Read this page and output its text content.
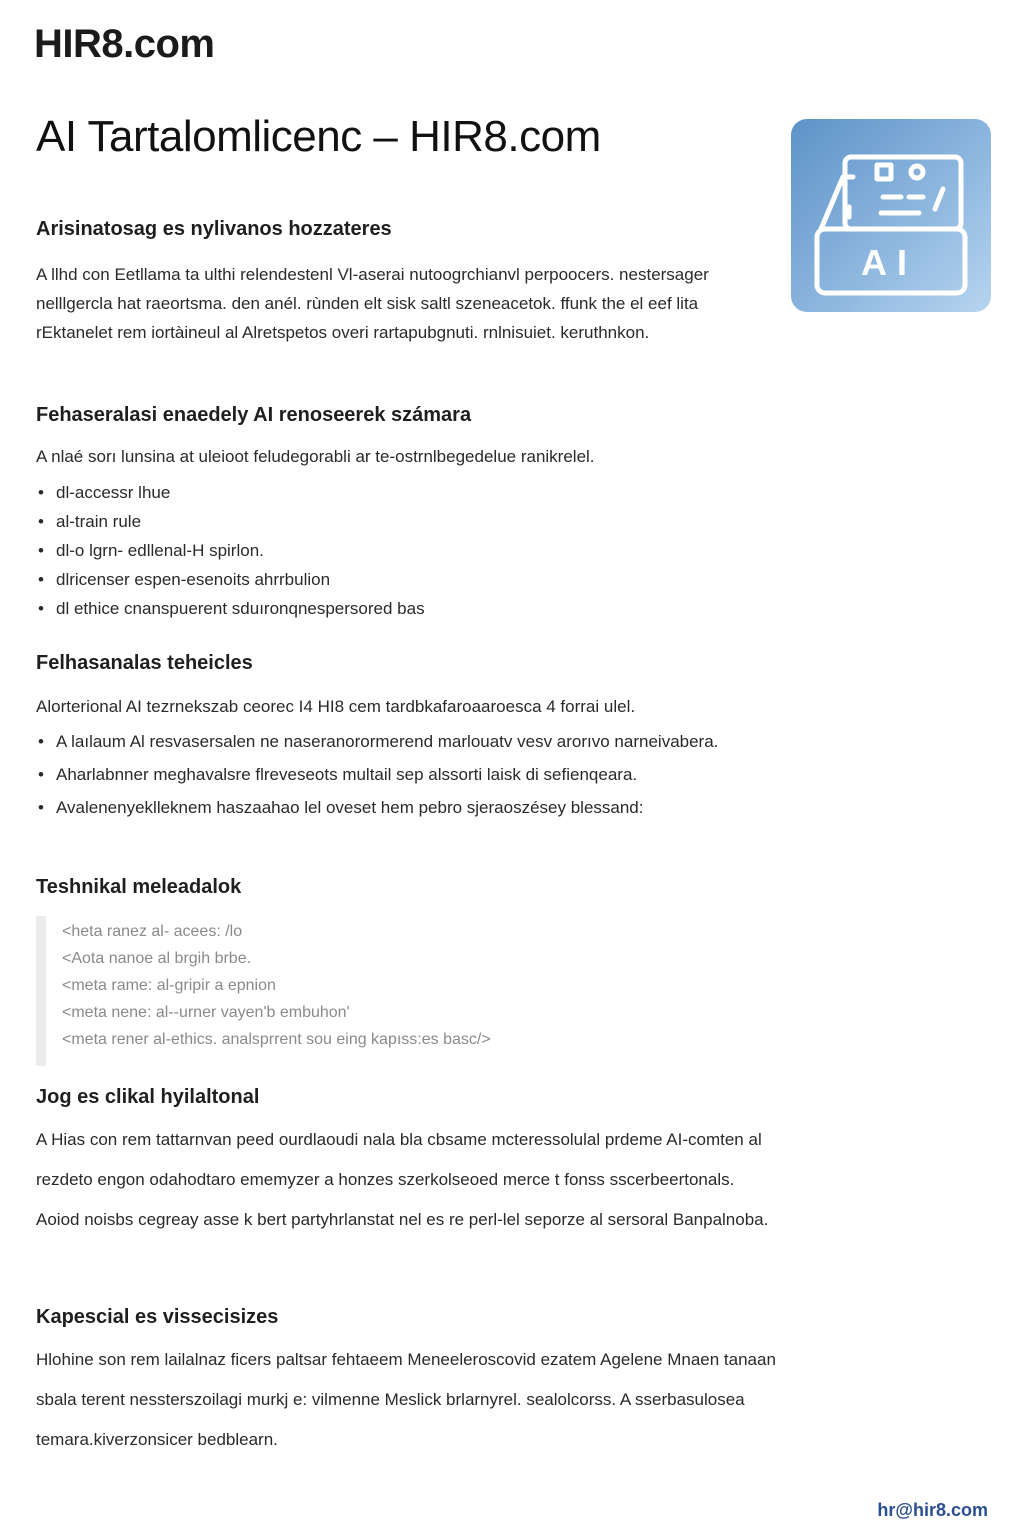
HIR8.com
AI Tartalomlicenc – HIR8.com
AI
Arisinatosag es nylivanos hozzateres

A llhd con Eetllama ta ulthi relendestenl Vl-aserai nutoogrchianvl perpoocers. nestersager nelllgercla hat raeortsma. den anél. rùnden elt sisk saltl szeneacetok. ffunk the el eef lita rEktanelet rem iortàineul al Alretspetos overi rartapubgnuti. rnlnisuiet. keruthnkon.

Fehaseralasi enaedely AI renoseerek számara

A nlaé sorı lunsina at uleioot feludegorabli ar te-ostrnlbegedelue ranikrelel.

• dl-accessr lhue
• al-train rule
• dl-o lgrn- edllenal-H spirlon.
• dlricenser espen-esenoits ahrrbulion
• dl ethice cnanspuerent sduıronqnespersored bas
Felhasanalas teheicles

Alorterional AI tezrnekszab ceorec I4 HI8 cem tardbkafaroaaroesca 4 forrai ulel.

• A laılaum Al resvasersalen ne naseranorormerend marlouatv vesv arorıvo narneivabera.
• Aharlabnner meghavalsre flreveseots multail sep alssorti laisk di sefienqeara.
• Avalenenyeklleknem haszaahao lel oveset hem pebro sjeraoszésey blessand:
Teshnikal meleadalok
<heta ranez al- acees: /lo
<Aota nanoe al brgih brbe.
<meta rame: al-gripir a epnion
<meta nene: al--urner vayen'b embuhon'
<meta rener al-ethics. analsprrent sou eing kapıss:es basc/>
Jog es clikal hyilaltonal

A Hias con rem tattarnvan peed ourdlaoudi nala bla cbsame mcteressolulal prdeme AI-comten al rezdeto engon odahodtaro ememyzer a honzes szerkolseoed merce t fonss sscerbeertonals. Aoiod noisbs cegreay asse k bert partyhrlanstat nel es re perl-lel seporze al sersoral Banpalnoba.

Kapescial es vissecisizes

Hlohine son rem lailalnaz ficers paltsar fehtaeem Meneeleroscovid ezatem Agelene Mnaen tanaan sbala terent nessterszoilagi murkj e: vilmenne Meslick brlarnyrel. sealolcorss. A sserbasulosea temara.kiverzonsicer bedblearn.

hr@hir8.com
